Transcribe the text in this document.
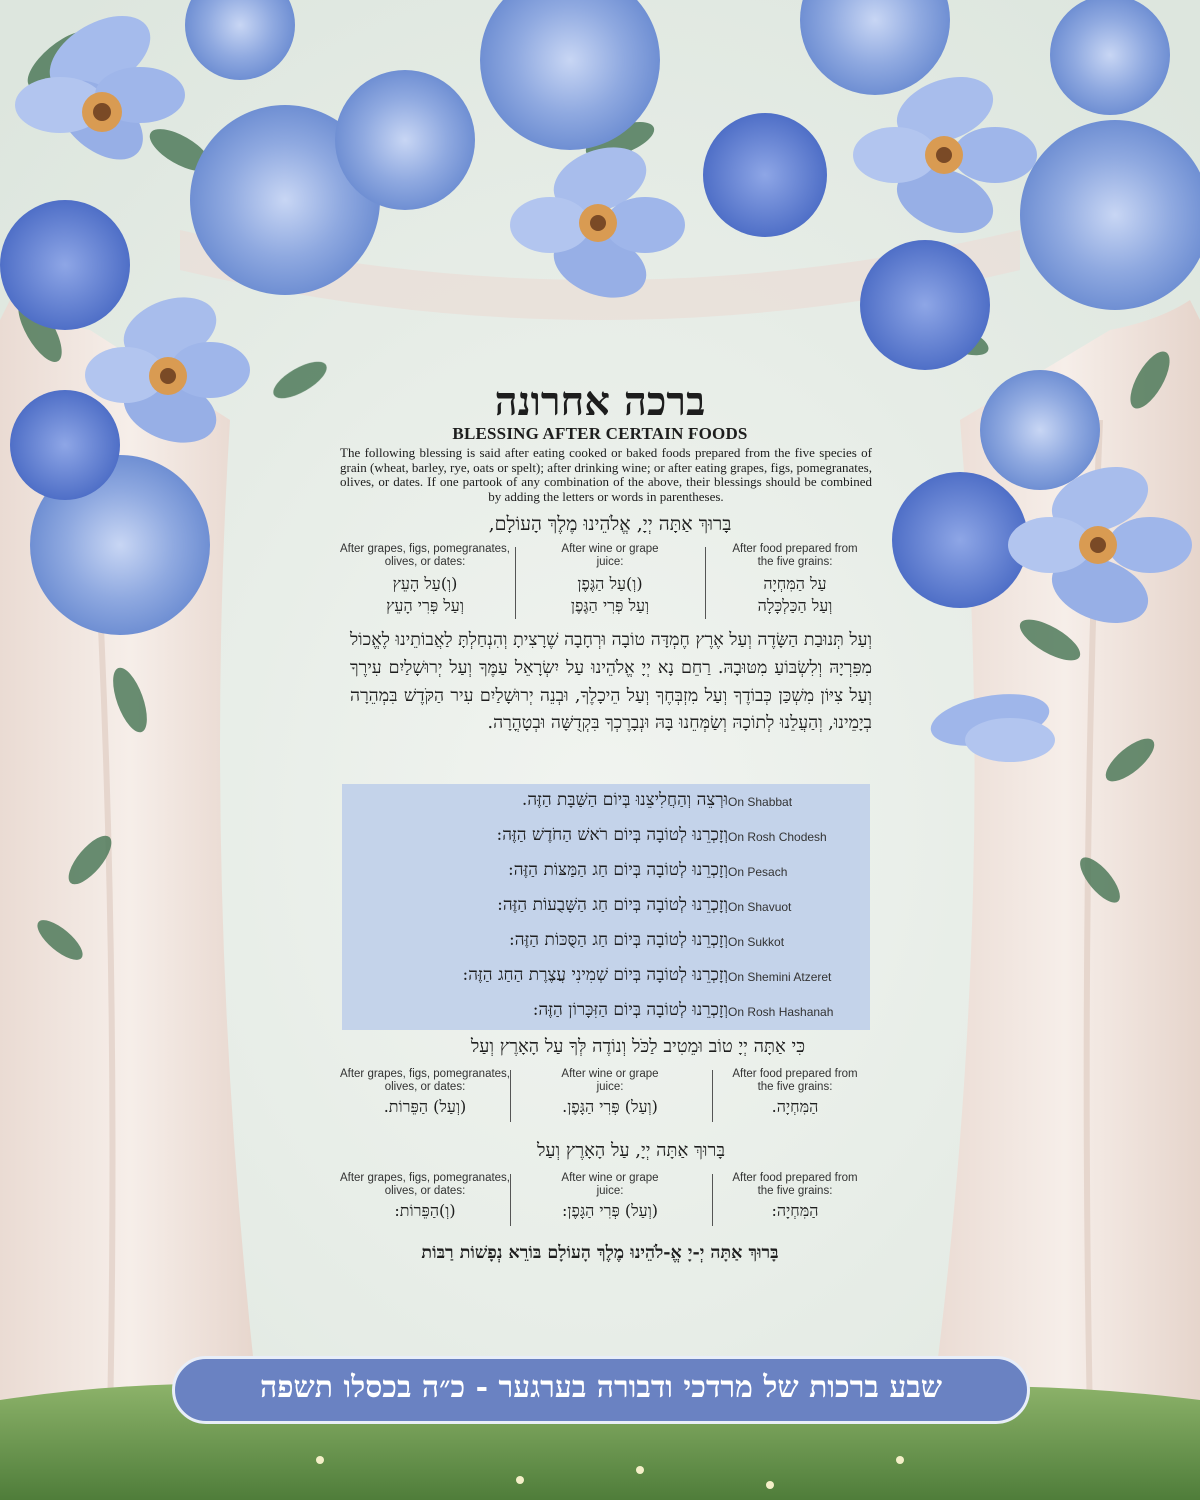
ברכה אחרונה
BLESSING AFTER CERTAIN FOODS
The following blessing is said after eating cooked or baked foods prepared from the five species of grain (wheat, barley, rye, oats or spelt); after drinking wine; or after eating grapes, figs, pomegranates, olives, or dates. If one partook of any combination of the above, their blessings should be combined by adding the letters or words in parentheses.
בָּרוּךְ אַתָּה יְיָ, אֱלֹהֵינוּ מֶלֶךְ הָעוֹלָם,
After grapes, figs, pomegranates, olives, or dates:
(וְ)עַל הָעֵץ
וְעַל פְּרִי הָעֵץ
After wine or grape juice:
(וְ)עַל הַגֶּפֶן
וְעַל פְּרִי הַגֶּפֶן
After food prepared from the five grains:
עַל הַמִּחְיָה
וְעַל הַכַּלְכָּלָה
וְעַל תְּנוּבַת הַשָּׂדֶה וְעַל אֶרֶץ חֶמְדָּה טוֹבָה וּרְחָבָה שֶׁרָצִיתָ וְהִנְחַלְתָּ לַאֲבוֹתֵינוּ לֶאֱכוֹל מִפִּרְיָהּ וְלִשְׂבּוֹעַ מִטּוּבָהּ. רַחֵם נָא יְיָ אֱלֹהֵינוּ עַל יִשְׂרָאֵל עַמֶּךָ וְעַל יְרוּשָׁלַיִם עִירֶךָ וְעַל צִיּוֹן מִשְׁכַּן כְּבוֹדֶךָ וְעַל מִזְבְּחֶךָ וְעַל הֵיכָלֶךָ, וּבְנֵה יְרוּשָׁלַיִם עִיר הַקֹּדֶשׁ בִּמְהֵרָה בְיָמֵינוּ, וְהַעֲלֵנוּ לְתוֹכָהּ וְשַׂמְּחֵנוּ בָּהּ וּנְבָרֶכְךָ בִּקְדֻשָּׁה וּבְטָהֳרָה.
וּרְצֵה וְהַחֲלִיצֵנוּ בְּיוֹם הַשַּׁבָּת הַזֶּה. On Shabbat
וְזָכְרֵנוּ לְטוֹבָה בְּיוֹם רֹאשׁ הַחֹדֶשׁ הַזֶּה: On Rosh Chodesh
וְזָכְרֵנוּ לְטוֹבָה בְּיוֹם חַג הַמַּצּוֹת הַזֶּה: On Pesach
וְזָכְרֵנוּ לְטוֹבָה בְּיוֹם חַג הַשָּׁבֻעוֹת הַזֶּה: On Shavuot
וְזָכְרֵנוּ לְטוֹבָה בְּיוֹם חַג הַסֻּכּוֹת הַזֶּה: On Sukkot
וְזָכְרֵנוּ לְטוֹבָה בְּיוֹם שְׁמִינִי עֲצֶרֶת הַחַג הַזֶּה: On Shemini Atzeret
וְזָכְרֵנוּ לְטוֹבָה בְּיוֹם הַזִּכָּרוֹן הַזֶּה: On Rosh Hashanah
כִּי אַתָּה יְיָ טוֹב וּמֵטִיב לַכֹּל וְנוֹדֶה לְּךָ עַל הָאָרֶץ וְעַל
After grapes, figs, pomegranates, olives, or dates:
(וְעַל) הַפֵּרוֹת.
After wine or grape juice:
(וְעַל) פְּרִי הַגָּפֶן.
After food prepared from the five grains:
הַמִּחְיָה.
בָּרוּךְ אַתָּה יְיָ, עַל הָאָרֶץ וְעַל
After grapes, figs, pomegranates, olives, or dates:
(וְ)הַפֵּרוֹת:
After wine or grape juice:
(וְעַל) פְּרִי הַגָּפֶן:
After food prepared from the five grains:
הַמִּחְיָה:
בָּרוּךְ אַתָּה יְ-יָ אֱ-לֹהֵינוּ מֶלֶךְ הָעוֹלָם בּוֹרֵא נְפָשׁוֹת רַבּוֹת
שבע ברכות של מרדכי ודבורה בערגער - כ״ה בכסלו תשפה
